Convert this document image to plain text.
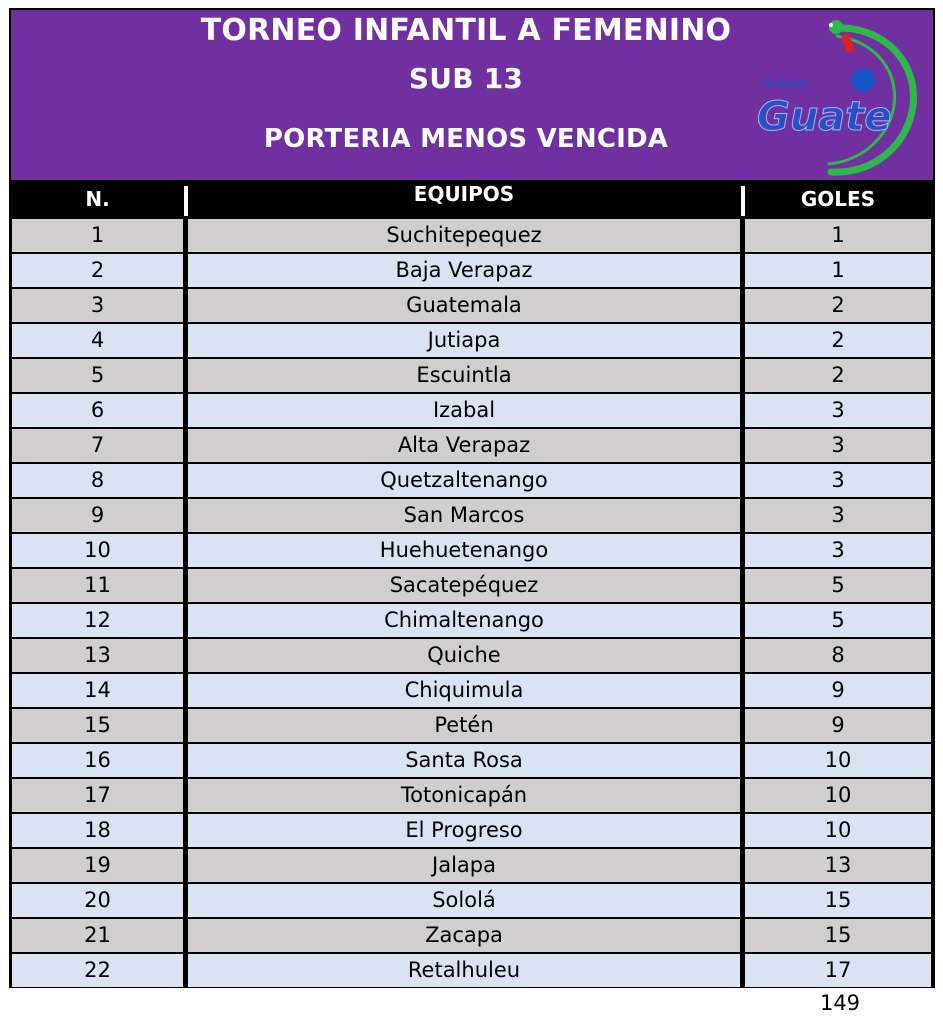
TORNEO INFANTIL A FEMENINO
SUB 13
PORTERIA MENOS VENCIDA
federal
Guate
N.	EQUIPOS	GOLES
1	Suchitepequez	1
2	Baja Verapaz	1
3	Guatemala	2
4	Jutiapa	2
5	Escuintla	2
6	Izabal	3
7	Alta Verapaz	3
8	Quetzaltenango	3
9	San Marcos	3
10	Huehuetenango	3
11	Sacatepéquez	5
12	Chimaltenango	5
13	Quiche	8
14	Chiquimula	9
15	Petén	9
16	Santa Rosa	10
17	Totonicapán	10
18	El Progreso	10
19	Jalapa	13
20	Sololá	15
21	Zacapa	15
22	Retalhuleu	17
149
